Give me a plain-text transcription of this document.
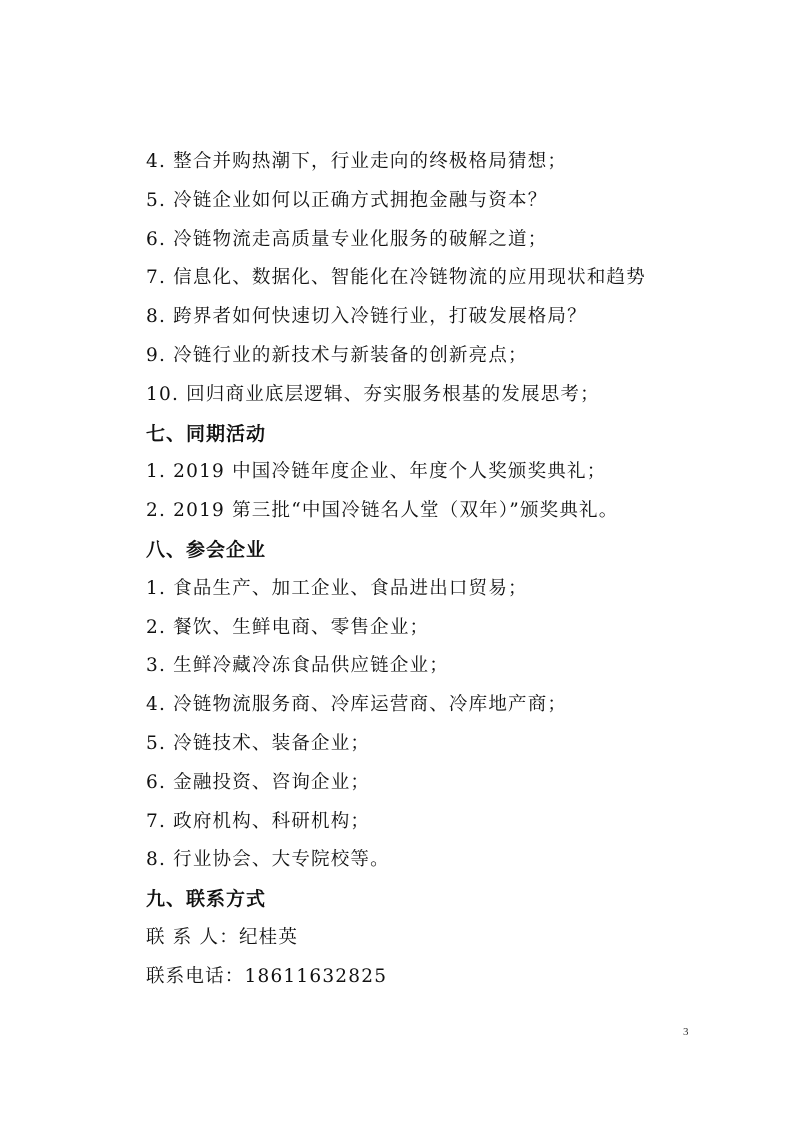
4. 整合并购热潮下，行业走向的终极格局猜想；
5. 冷链企业如何以正确方式拥抱金融与资本？
6. 冷链物流走高质量专业化服务的破解之道；
7. 信息化、数据化、智能化在冷链物流的应用现状和趋势
8. 跨界者如何快速切入冷链行业，打破发展格局？
9. 冷链行业的新技术与新装备的创新亮点；
10. 回归商业底层逻辑、夯实服务根基的发展思考；
七、同期活动
1. 2019 中国冷链年度企业、年度个人奖颁奖典礼；
2. 2019 第三批“中国冷链名人堂（双年）”颁奖典礼。
八、参会企业
1. 食品生产、加工企业、食品进出口贸易；
2. 餐饮、生鲜电商、零售企业；
3. 生鲜冷藏冷冻食品供应链企业；
4. 冷链物流服务商、冷库运营商、冷库地产商；
5. 冷链技术、装备企业；
6. 金融投资、咨询企业；
7. 政府机构、科研机构；
8. 行业协会、大专院校等。
九、联系方式
联 系 人：纪桂英
联系电话：18611632825
3
